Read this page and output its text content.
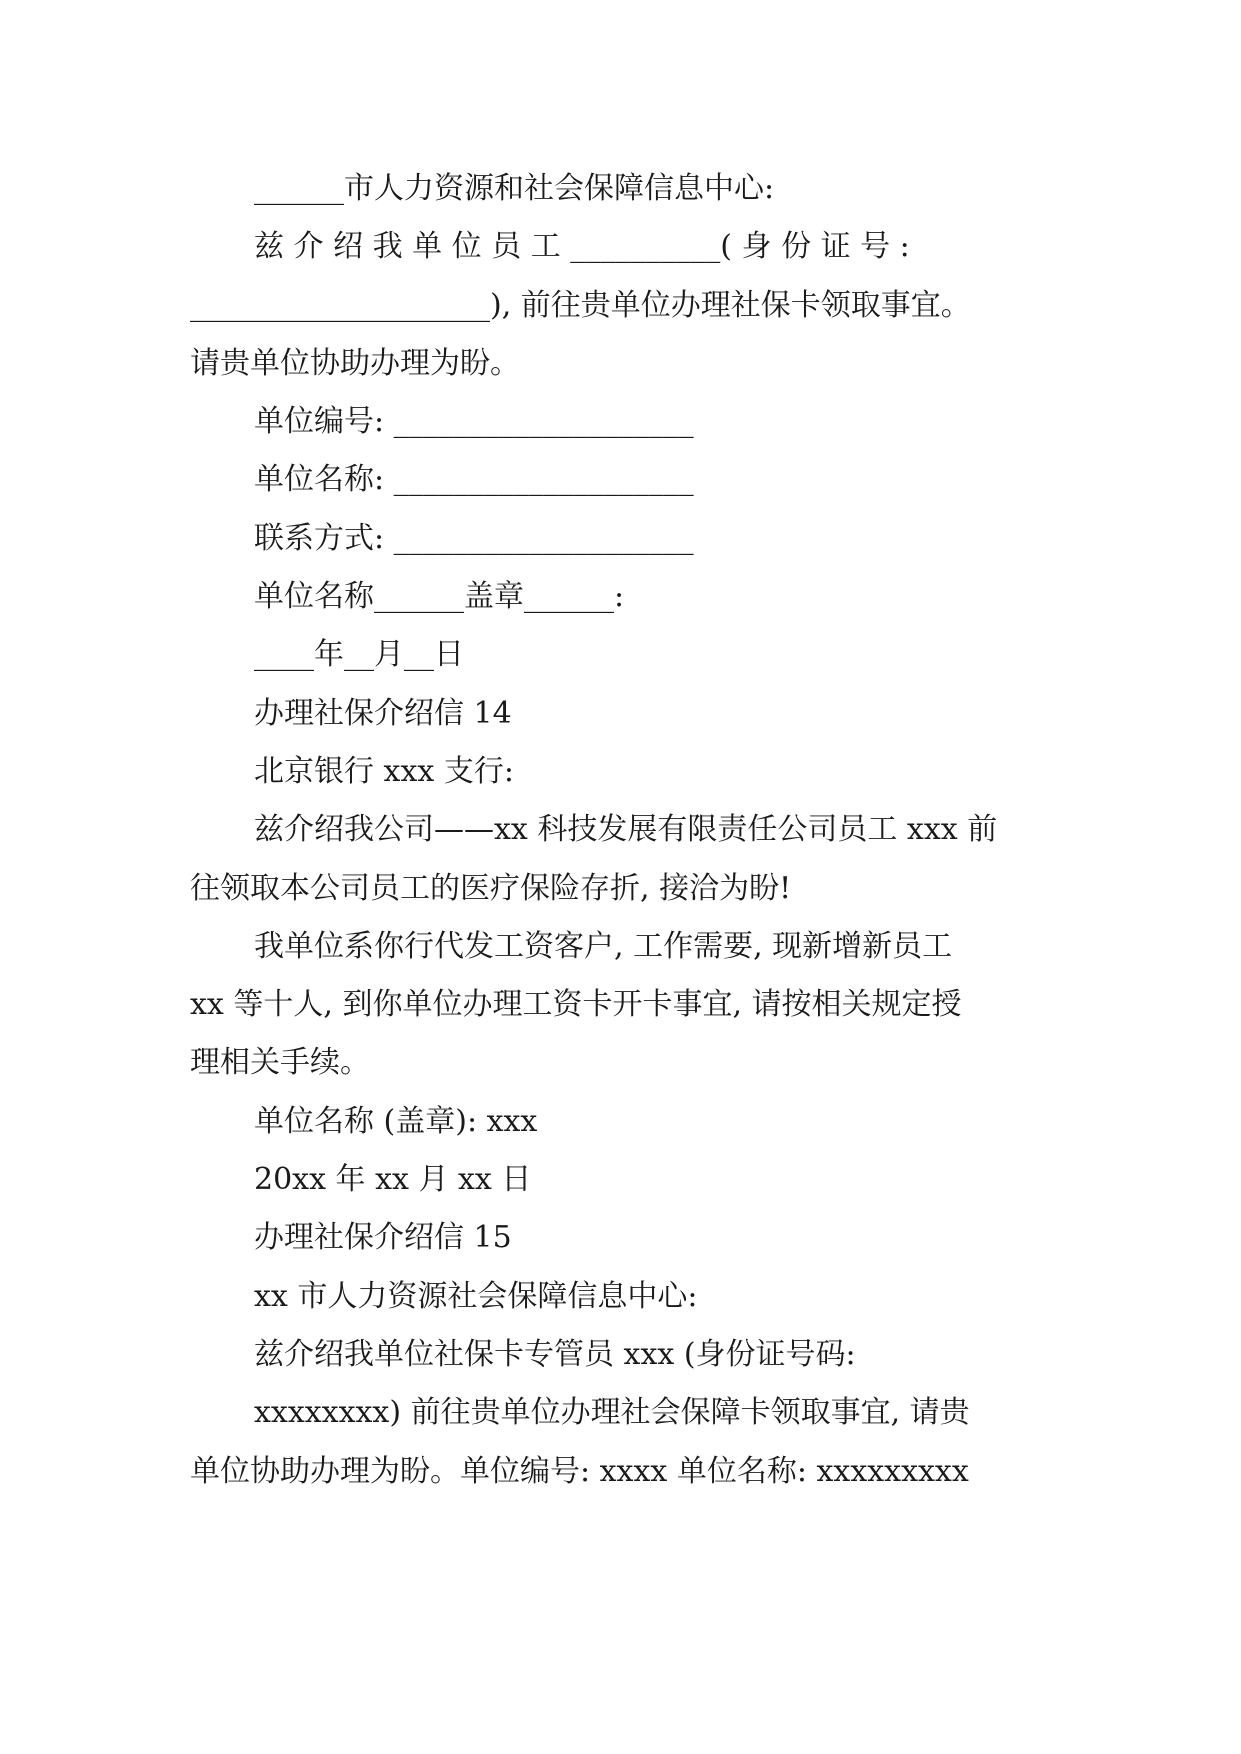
______市人力资源和社会保障信息中心:
兹 介 绍 我 单 位 员 工 __________( 身 份 证 号 :
____________________), 前往贵单位办理社保卡领取事宜。
请贵单位协助办理为盼。
单位编号: ____________________
单位名称: ____________________
联系方式: ____________________
单位名称______盖章______:
____年__月__日
办理社保介绍信 14
北京银行 xxx 支行:
兹介绍我公司——xx 科技发展有限责任公司员工 xxx 前
往领取本公司员工的医疗保险存折, 接洽为盼!
我单位系你行代发工资客户, 工作需要, 现新增新员工
xx 等十人, 到你单位办理工资卡开卡事宜, 请按相关规定授
理相关手续。
单位名称 (盖章): xxx
20xx 年 xx 月 xx 日
办理社保介绍信 15
xx 市人力资源社会保障信息中心:
兹介绍我单位社保卡专管员 xxx (身份证号码:
xxxxxxxx) 前往贵单位办理社会保障卡领取事宜, 请贵
单位协助办理为盼。单位编号: xxxx 单位名称: xxxxxxxxx
